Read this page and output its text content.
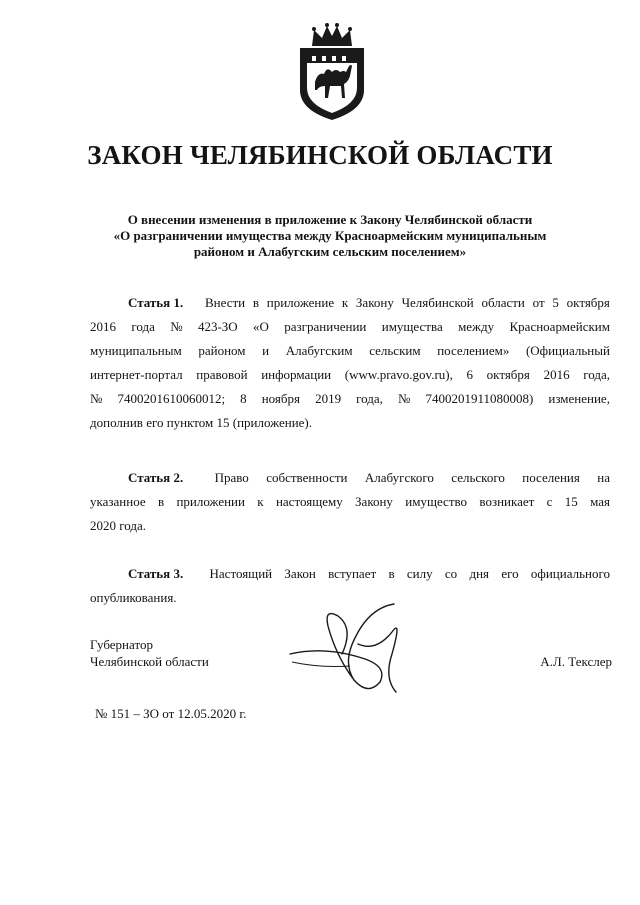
ЗАКОН ЧЕЛЯБИНСКОЙ ОБЛАСТИ
О внесении изменения в приложение к Закону Челябинской области
«О разграничении имущества между Красноармейским муниципальным
районом и Алабугским сельским поселением»
Статья 1. Внести в приложение к Закону Челябинской области от 5 октября
2016 года № 423-ЗО «О разграничении имущества между Красноармейским
муниципальным районом и Алабугским сельским поселением» (Официальный
интернет-портал правовой информации (www.pravo.gov.ru), 6 октября 2016 года,
№ 7400201610060012; 8 ноября 2019 года, № 7400201911080008) изменение,
дополнив его пунктом 15 (приложение).
Статья 2. Право собственности Алабугского сельского поселения на
указанное в приложении к настоящему Закону имущество возникает с 15 мая
2020 года.
Статья 3. Настоящий Закон вступает в силу со дня его официального
опубликования.
Губернатор
Челябинской области	А.Л. Текслер
№ 151 – ЗО от 12.05.2020 г.
